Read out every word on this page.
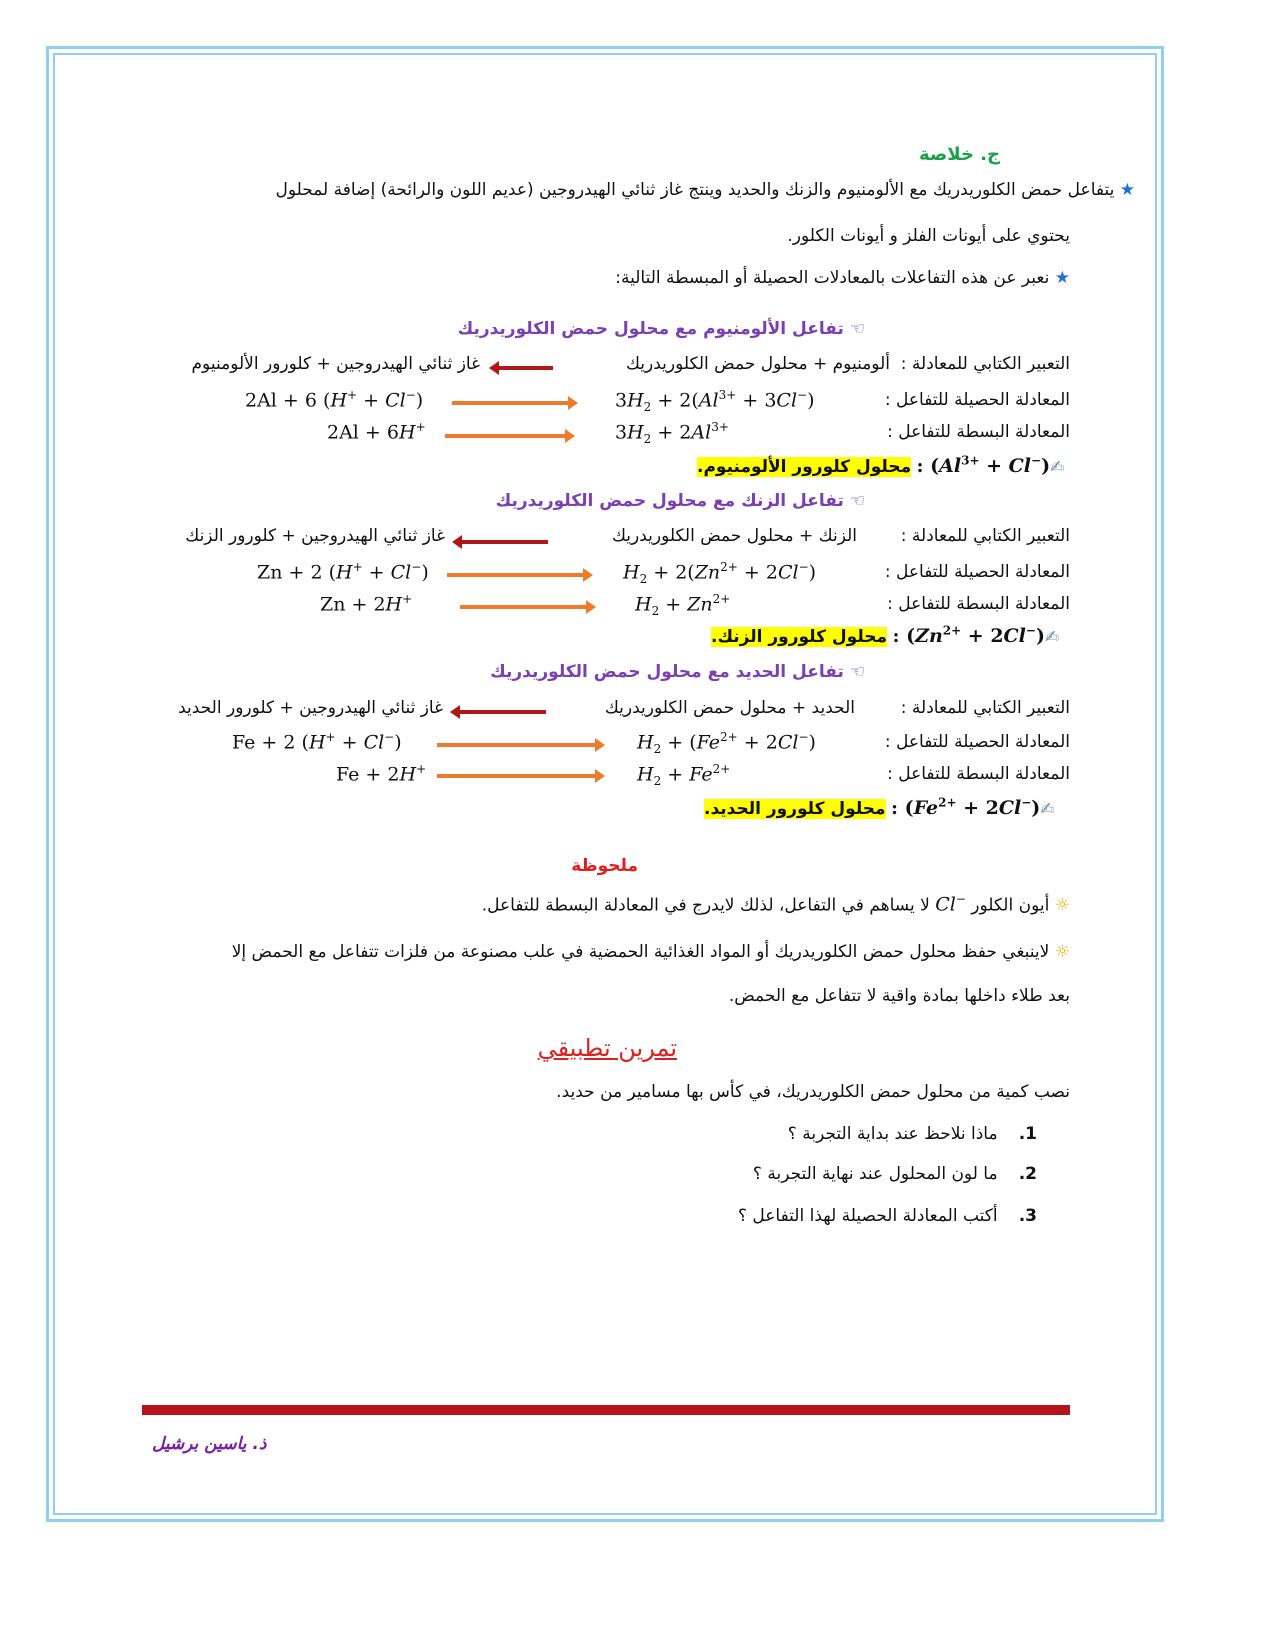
ج. خلاصة
★ يتفاعل حمض الكلوريدريك مع الألومنيوم والزنك والحديد وينتج غاز ثنائي الهيدروجين (عديم اللون والرائحة) إضافة لمحلول
يحتوي على أيونات الفلز و أيونات الكلور.
★ نعبر عن هذه التفاعلات بالمعادلات الحصيلة أو المبسطة التالية:
☜ تفاعل الألومنيوم مع محلول حمض الكلوريدريك
التعبير الكتابي للمعادلة :
ألومنيوم + محلول حمض الكلوريدريك
غاز ثنائي الهيدروجين + كلورور الألومنيوم
المعادلة الحصيلة للتفاعل :
2Al + 6 (H+ + Cl−)	$3H_2 + 2(Al^{3+} + 3Cl^-)$
المعادلة البسطة للتفاعل :
2Al + 6H+	$3H_2 + 2Al^{3+}$
محلول كلورور الألومنيوم. : ($Al^{3+}$ + Cl−)✍
☜ تفاعل الزنك مع محلول حمض الكلوريدريك
التعبير الكتابي للمعادلة :
الزنك + محلول حمض الكلوريدريك
غاز ثنائي الهيدروجين + كلورور الزنك
المعادلة الحصيلة للتفاعل :
Zn + 2 (H+ + Cl−)	$H_2 + 2(Zn^{2+} + 2Cl^-)$
المعادلة البسطة للتفاعل :
Zn + 2H+	$H_2 + Zn^{2+}$
محلول كلورور الزنك. : ($Zn^{2+}$ + 2Cl−)✍
☜ تفاعل الحديد مع محلول حمض الكلوريدريك
التعبير الكتابي للمعادلة :
الحديد + محلول حمض الكلوريدريك
غاز ثنائي الهيدروجين + كلورور الحديد
المعادلة الحصيلة للتفاعل :
Fe + 2 (H+ + Cl−)	$H_2 + (Fe^{2+} + 2Cl^-)$
المعادلة البسطة للتفاعل :
Fe + 2H+	$H_2 + Fe^{2+}$
محلول كلورور الحديد. : ($Fe^{2+}$ + 2Cl−)✍
ملحوظة
☼ أيون الكلور Cl− لا يساهم في التفاعل، لذلك لايدرج في المعادلة البسطة للتفاعل.
☼ لاينبغي حفظ محلول حمض الكلوريدريك أو المواد الغذائية الحمضية في علب مصنوعة من فلزات تتفاعل مع الحمض إلا
بعد طلاء داخلها بمادة واقية لا تتفاعل مع الحمض.
تمرين تطبيقي
نصب كمية من محلول حمض الكلوريدريك، في كأس بها مسامير من حديد.
1. ماذا نلاحظ عند بداية التجربة ؟
2. ما لون المحلول عند نهاية التجربة ؟
3. أكتب المعادلة الحصيلة لهذا التفاعل ؟
ذ. ياسين برشيل
